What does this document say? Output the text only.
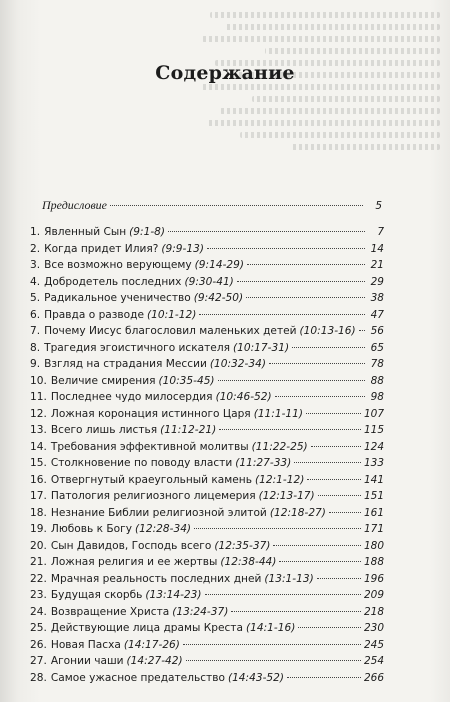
Содержание
Предисловие	5
1. Явленный Сын (9:1-8)	7
2. Когда придет Илия? (9:9-13)	14
3. Все возможно верующему (9:14-29)	21
4. Добродетель последних (9:30-41)	29
5. Радикальное ученичество (9:42-50)	38
6. Правда о разводе (10:1-12)	47
7. Почему Иисус благословил маленьких детей (10:13-16) 56
8. Трагедия эгоистичного искателя (10:17-31)	65
9. Взгляд на страдания Мессии (10:32-34)	78
10. Величие смирения (10:35-45)	88
11. Последнее чудо милосердия (10:46-52)	98
12. Ложная коронация истинного Царя (11:1-11)	107
13. Всего лишь листья (11:12-21)	115
14. Требования эффективной молитвы (11:22-25)	124
15. Столкновение по поводу власти (11:27-33)	133
16. Отвергнутый краеугольный камень (12:1-12)	141
17. Патология религиозного лицемерия (12:13-17)	151
18. Незнание Библии религиозной элитой (12:18-27)	161
19. Любовь к Богу (12:28-34)	171
20. Сын Давидов, Господь всего (12:35-37)	180
21. Ложная религия и ее жертвы (12:38-44)	188
22. Мрачная реальность последних дней (13:1-13)	196
23. Будущая скорбь (13:14-23)	209
24. Возвращение Христа (13:24-37)	218
25. Действующие лица драмы Креста (14:1-16)	230
26. Новая Пасха (14:17-26)	245
27. Агонии чаши (14:27-42)	254
28. Самое ужасное предательство (14:43-52)	266
